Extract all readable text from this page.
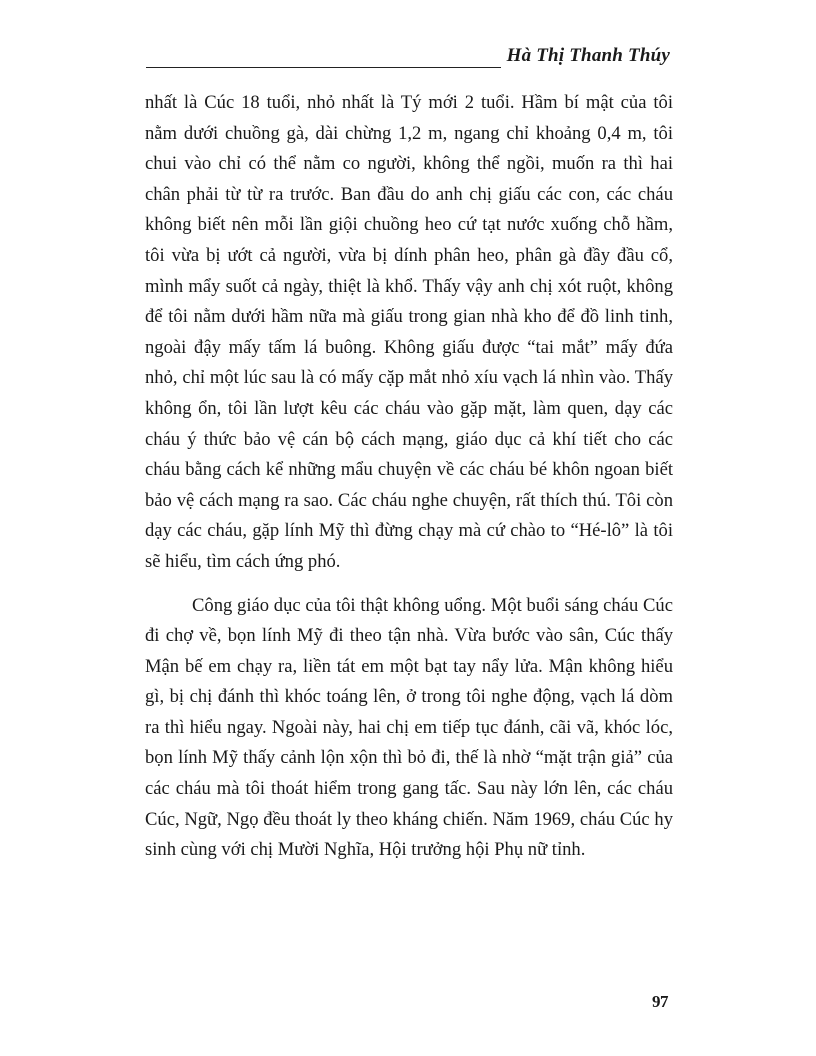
Hà Thị Thanh Thúy

nhất là Cúc 18 tuổi, nhỏ nhất là Tý mới 2 tuổi. Hầm bí mật của tôi nằm dưới chuồng gà, dài chừng 1,2 m, ngang chỉ khoảng 0,4 m, tôi chui vào chỉ có thể nằm co người, không thể ngồi, muốn ra thì hai chân phải từ từ ra trước. Ban đầu do anh chị giấu các con, các cháu không biết nên mỗi lần giội chuồng heo cứ tạt nước xuống chỗ hầm, tôi vừa bị ướt cả người, vừa bị dính phân heo, phân gà đầy đầu cổ, mình mẩy suốt cả ngày, thiệt là khổ. Thấy vậy anh chị xót ruột, không để tôi nằm dưới hầm nữa mà giấu trong gian nhà kho để đồ linh tinh, ngoài đậy mấy tấm lá buông. Không giấu được “tai mắt” mấy đứa nhỏ, chỉ một lúc sau là có mấy cặp mắt nhỏ xíu vạch lá nhìn vào. Thấy không ổn, tôi lần lượt kêu các cháu vào gặp mặt, làm quen, dạy các cháu ý thức bảo vệ cán bộ cách mạng, giáo dục cả khí tiết cho các cháu bằng cách kể những mẩu chuyện về các cháu bé khôn ngoan biết bảo vệ cách mạng ra sao. Các cháu nghe chuyện, rất thích thú. Tôi còn dạy các cháu, gặp lính Mỹ thì đừng chạy mà cứ chào to “Hé-lô” là tôi sẽ hiểu, tìm cách ứng phó.

Công giáo dục của tôi thật không uổng. Một buổi sáng cháu Cúc đi chợ về, bọn lính Mỹ đi theo tận nhà. Vừa bước vào sân, Cúc thấy Mận bế em chạy ra, liền tát em một bạt tay nẩy lửa. Mận không hiểu gì, bị chị đánh thì khóc toáng lên, ở trong tôi nghe động, vạch lá dòm ra thì hiểu ngay. Ngoài này, hai chị em tiếp tục đánh, cãi vã, khóc lóc, bọn lính Mỹ thấy cảnh lộn xộn thì bỏ đi, thế là nhờ “mặt trận giả” của các cháu mà tôi thoát hiểm trong gang tấc. Sau này lớn lên, các cháu Cúc, Ngữ, Ngọ đều thoát ly theo kháng chiến. Năm 1969, cháu Cúc hy sinh cùng với chị Mười Nghĩa, Hội trưởng hội Phụ nữ tỉnh.

97
